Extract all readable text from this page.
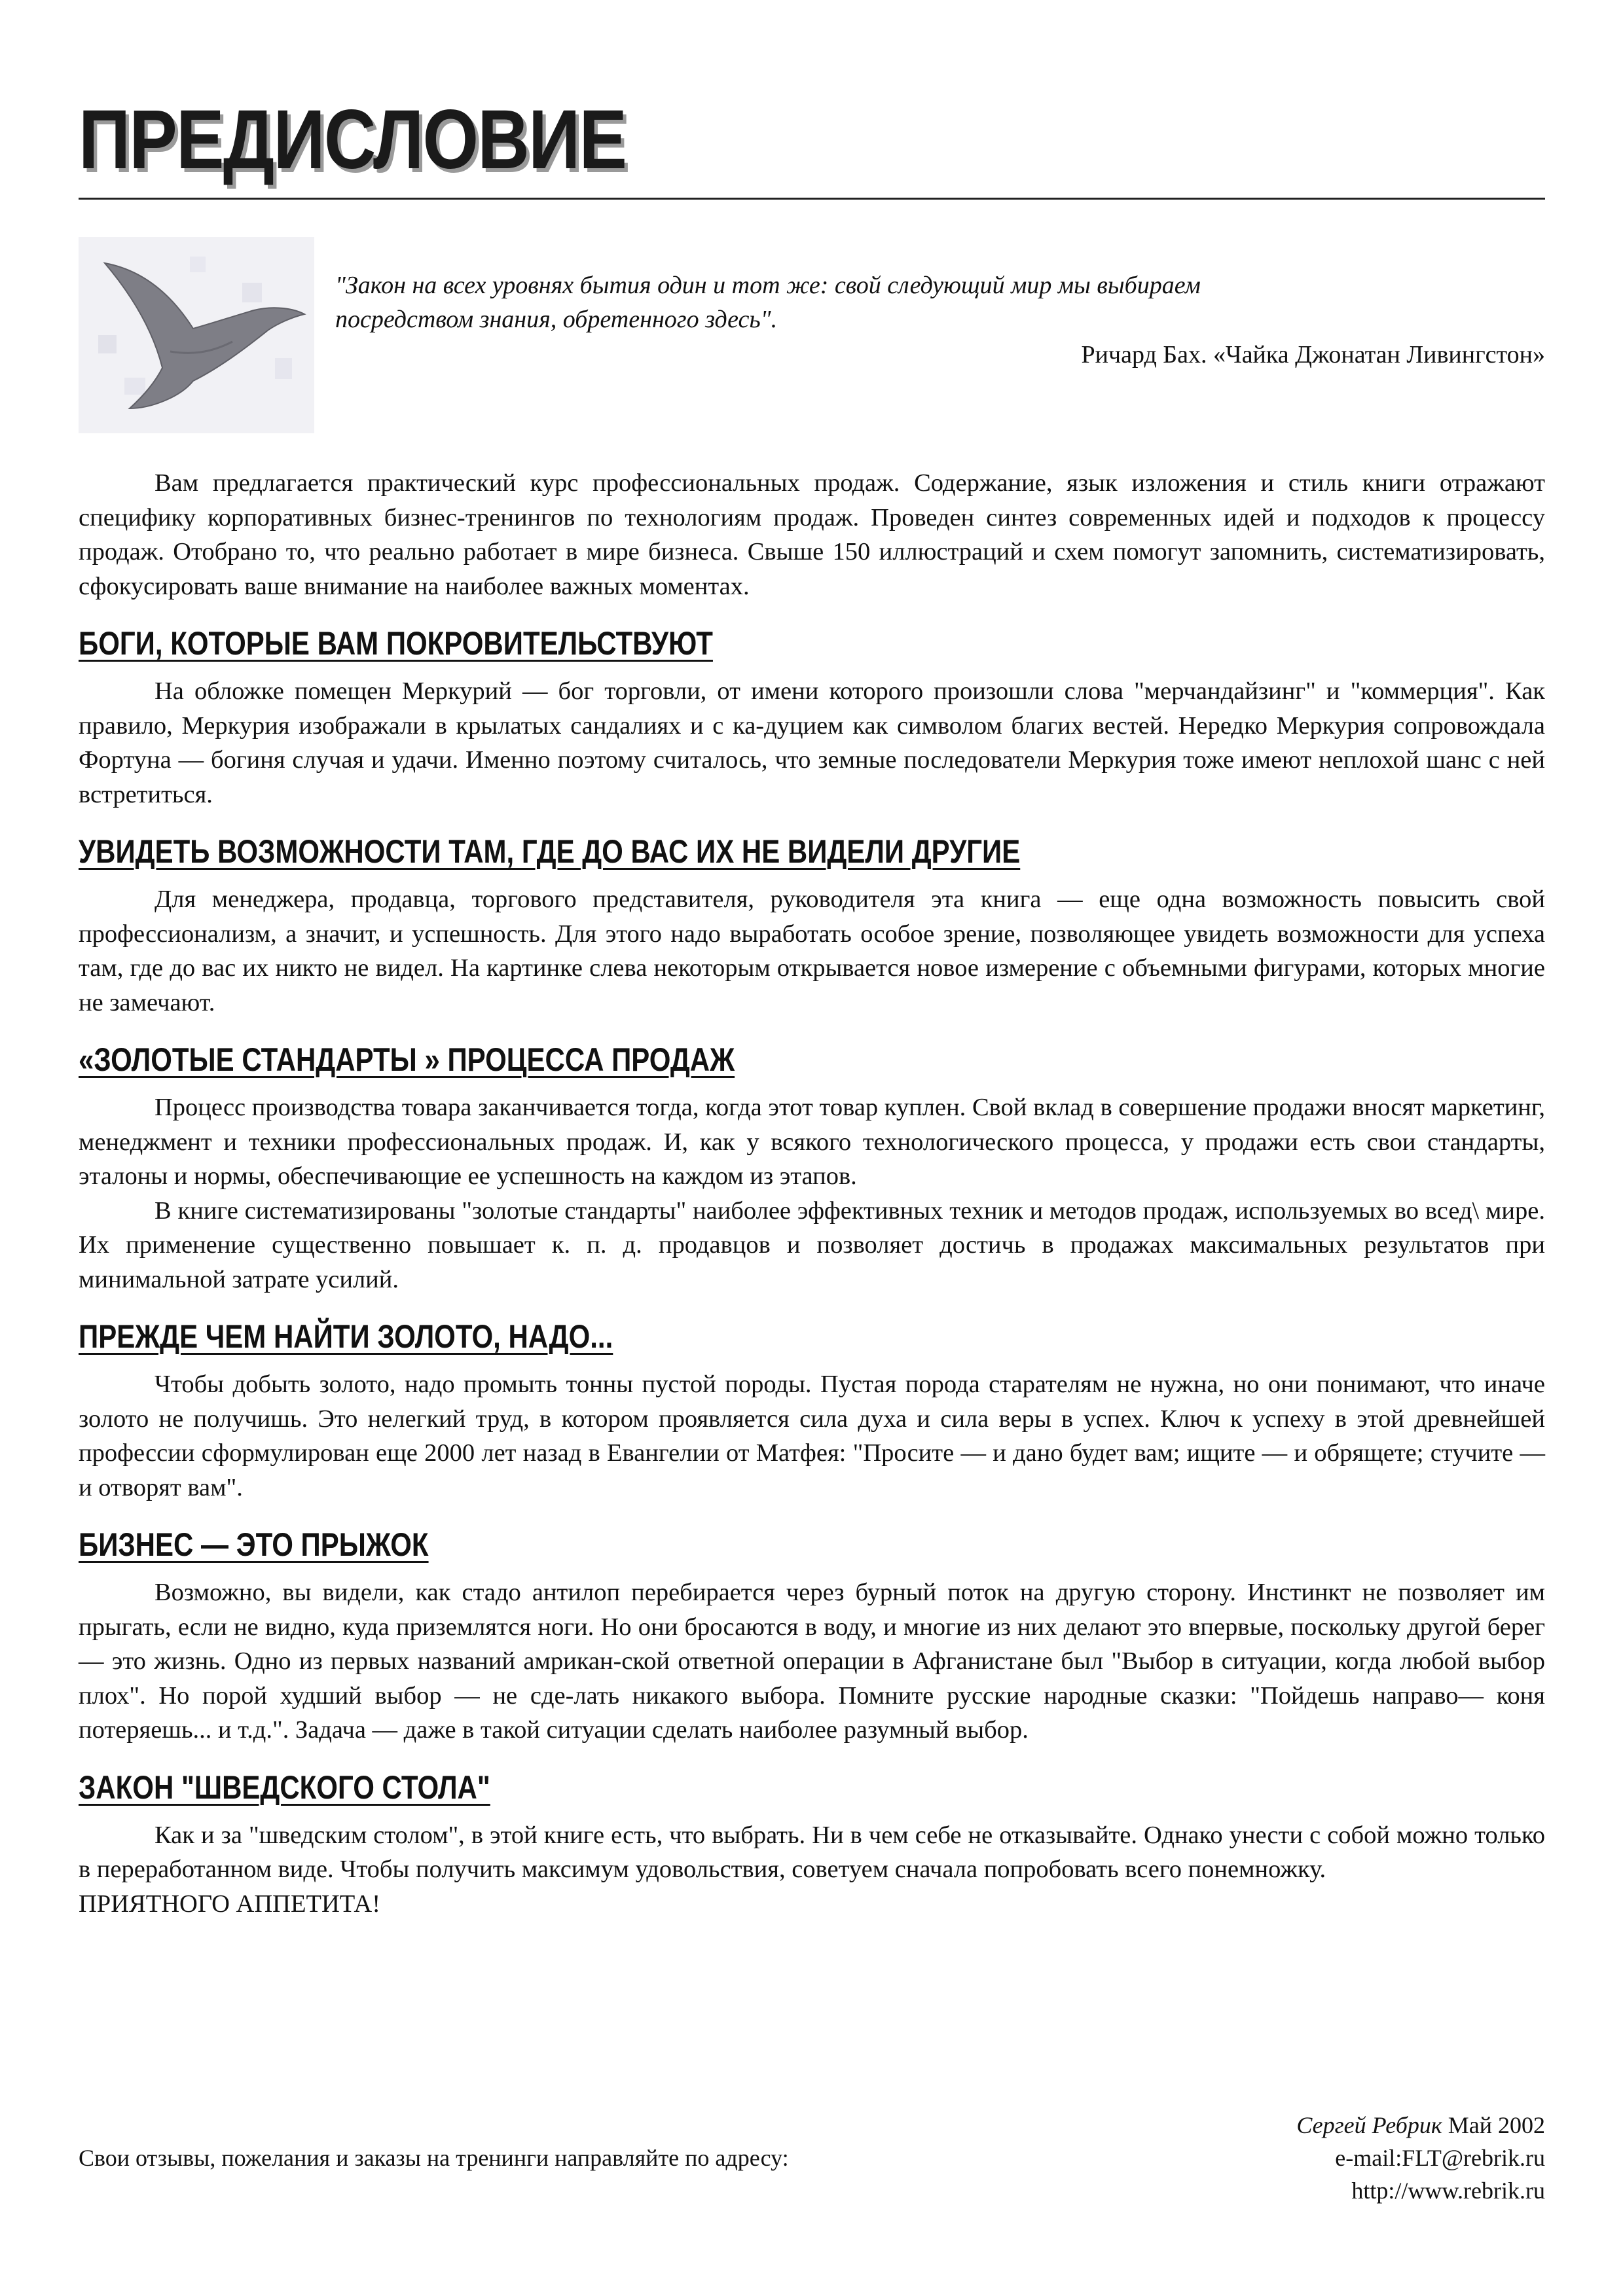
ПРЕДИСЛОВИЕ
"Закон на всех уровнях бытия один и тот же: свой следующий мир мы выбираем
посредством знания, обретенного здесь".
Ричард Бах. «Чайка Джонатан Ливингстон»

Вам предлагается практический курс профессиональных продаж. Содержание, язык изложения и стиль книги отражают специфику корпоративных бизнес-тренингов по технологиям продаж. Проведен синтез современных идей и подходов к процессу продаж. Отобрано то, что реально работает в мире бизнеса. Свыше 150 иллюстраций и схем помогут запомнить, систематизировать, сфокусировать ваше внимание на наиболее важных моментах.

БОГИ, КОТОРЫЕ ВАМ ПОКРОВИТЕЛЬСТВУЮТ

На обложке помещен Меркурий — бог торговли, от имени которого произошли слова "мерчандайзинг" и "коммерция". Как правило, Меркурия изображали в крылатых сандалиях и с ка-дуцием как символом благих вестей. Нередко Меркурия сопровождала Фортуна — богиня случая и удачи. Именно поэтому считалось, что земные последователи Меркурия тоже имеют неплохой шанс с ней встретиться.

УВИДЕТЬ ВОЗМОЖНОСТИ ТАМ, ГДЕ ДО ВАС ИХ НЕ ВИДЕЛИ ДРУГИЕ

Для менеджера, продавца, торгового представителя, руководителя эта книга — еще одна возможность повысить свой профессионализм, а значит, и успешность. Для этого надо выработать особое зрение, позволяющее увидеть возможности для успеха там, где до вас их никто не видел. На картинке слева некоторым открывается новое измерение с объемными фигурами, которых многие не замечают.

«ЗОЛОТЫЕ СТАНДАРТЫ » ПРОЦЕССА ПРОДАЖ

Процесс производства товара заканчивается тогда, когда этот товар куплен. Свой вклад в совершение продажи вносят маркетинг, менеджмент и техники профессиональных продаж. И, как у всякого технологического процесса, у продажи есть свои стандарты, эталоны и нормы, обеспечивающие ее успешность на каждом из этапов.

В книге систематизированы "золотые стандарты" наиболее эффективных техник и методов продаж, используемых во всед\ мире. Их применение существенно повышает к. п. д. продавцов и позволяет достичь в продажах максимальных результатов при минимальной затрате усилий.

ПРЕЖДЕ ЧЕМ НАЙТИ ЗОЛОТО, НАДО...

Чтобы добыть золото, надо промыть тонны пустой породы. Пустая порода старателям не нужна, но они понимают, что иначе золото не получишь. Это нелегкий труд, в котором проявляется сила духа и сила веры в успех. Ключ к успеху в этой древнейшей профессии сформулирован еще 2000 лет назад в Евангелии от Матфея: "Просите — и дано будет вам; ищите — и обрящете; стучите — и отворят вам".

БИЗНЕС — ЭТО ПРЫЖОК

Возможно, вы видели, как стадо антилоп перебирается через бурный поток на другую сторону. Инстинкт не позволяет им прыгать, если не видно, куда приземлятся ноги. Но они бросаются в воду, и многие из них делают это впервые, поскольку другой берег — это жизнь. Одно из первых названий амрикан-ской ответной операции в Афганистане был "Выбор в ситуации, когда любой выбор плох". Но порой худший выбор — не сде-лать никакого выбора. Помните русские народные сказки: "Пойдешь направо— коня потеряешь... и т.д.". Задача — даже в такой ситуации сделать наиболее разумный выбор.

ЗАКОН "ШВЕДСКОГО СТОЛА"

Как и за "шведским столом", в этой книге есть, что выбрать. Ни в чем себе не отказывайте. Однако унести с собой можно только в переработанном виде. Чтобы получить максимум удовольствия, советуем сначала попробовать всего понемножку.

ПРИЯТНОГО АППЕТИТА!

Сергей Ребрик Май 2002
Свои отзывы, пожелания и заказы на тренинги направляйте по адресу:	e-mail:FLT@rebrik.ru
http://www.rebrik.ru
